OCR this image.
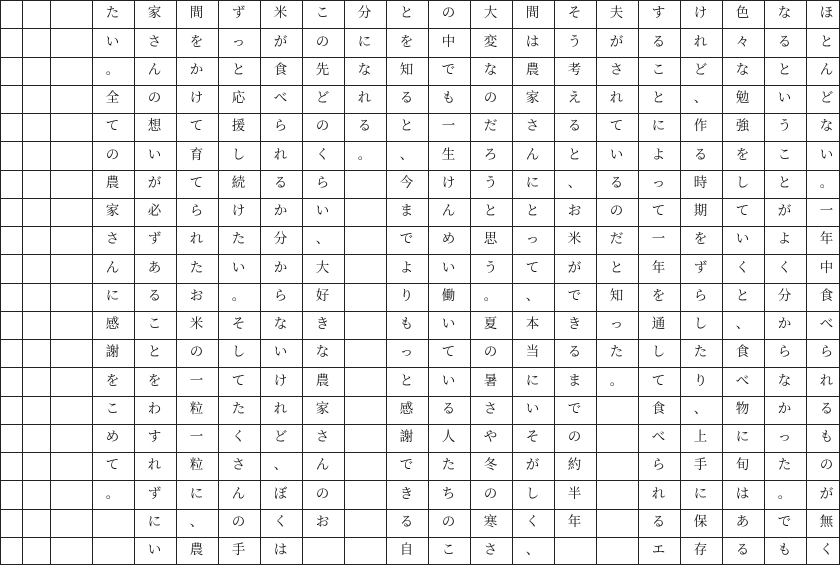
た
い
。
全
て
の
農
家
さ
ん
に
感
謝
を
こ
め
て
。
家
さ
ん
の
想
い
が
必
ず
あ
る
こ
と
を
わ
す
れ
ず
に
い
間
を
か
け
て
育
て
ら
れ
た
お
米
の
一
粒
一
粒
に
、
農
ず
っ
と
応
援
し
続
け
た
い
。
そ
し
て
た
く
さ
ん
の
手
米
が
食
べ
ら
れ
る
か
分
か
ら
な
い
け
れ
ど
、
ぼ
く
は
こ
の
先
ど
の
く
ら
い
、
大
好
き
な
農
家
さ
ん
の
お
分
に
な
れ
る
。
と
を
知
る
と
、
今
ま
で
よ
り
も
っ
と
感
謝
で
き
る
自
の
中
で
も
一
生
け
ん
め
い
働
い
て
い
る
人
た
ち
の
こ
大
変
な
の
だ
ろ
う
と
思
う
。
夏
の
暑
さ
や
冬
の
寒
さ
間
は
農
家
さ
ん
に
と
っ
て
、
本
当
に
い
そ
が
し
く
、
そ
う
考
え
る
と
、
お
米
が
で
き
る
ま
で
の
約
半
年
夫
が
さ
れ
て
い
る
の
だ
と
知
っ
た
。
す
る
こ
と
に
よ
っ
て
一
年
を
通
し
て
食
べ
ら
れ
る
エ
け
れ
ど
、
作
る
時
期
を
ず
ら
し
た
り
、
上
手
に
保
存
色
々
な
勉
強
を
し
て
い
く
と
、
食
べ
物
に
旬
は
あ
る
な
る
と
い
う
こ
と
が
よ
く
分
か
ら
な
か
っ
た
。
で
も
ほ
と
ん
ど
な
い
。
一
年
中
食
べ
ら
れ
る
も
の
が
無
く
